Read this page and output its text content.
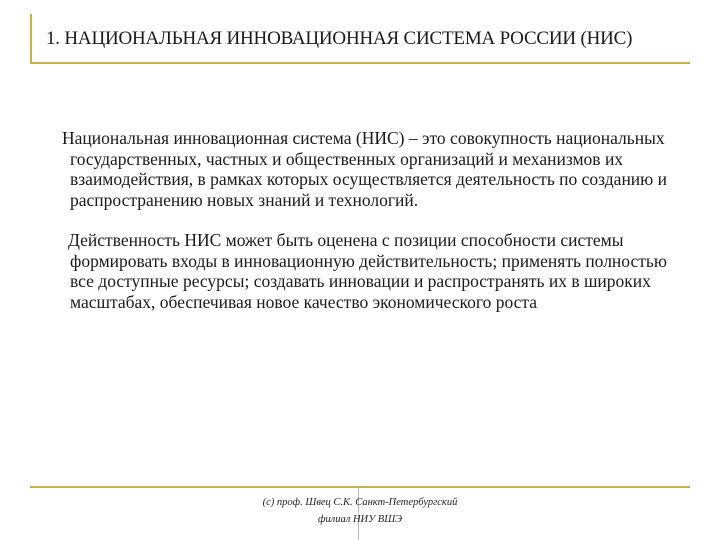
1. НАЦИОНАЛЬНАЯ ИННОВАЦИОННАЯ СИСТЕМА РОССИИ (НИС)

Национальная инновационная система (НИС) – это совокупность национальных государственных, частных и общественных организаций и механизмов их взаимодействия, в рамках которых осуществляется деятельность по созданию и распространению новых знаний и технологий.

Действенность НИС может быть оценена с позиции способности системы формировать входы в инновационную действительность; применять полностью все доступные ресурсы; создавать инновации и распространять их в широких масштабах, обеспечивая новое качество экономического роста

(с) проф. Швец С.К. Санкт-Петербургский
филиал НИУ ВШЭ
